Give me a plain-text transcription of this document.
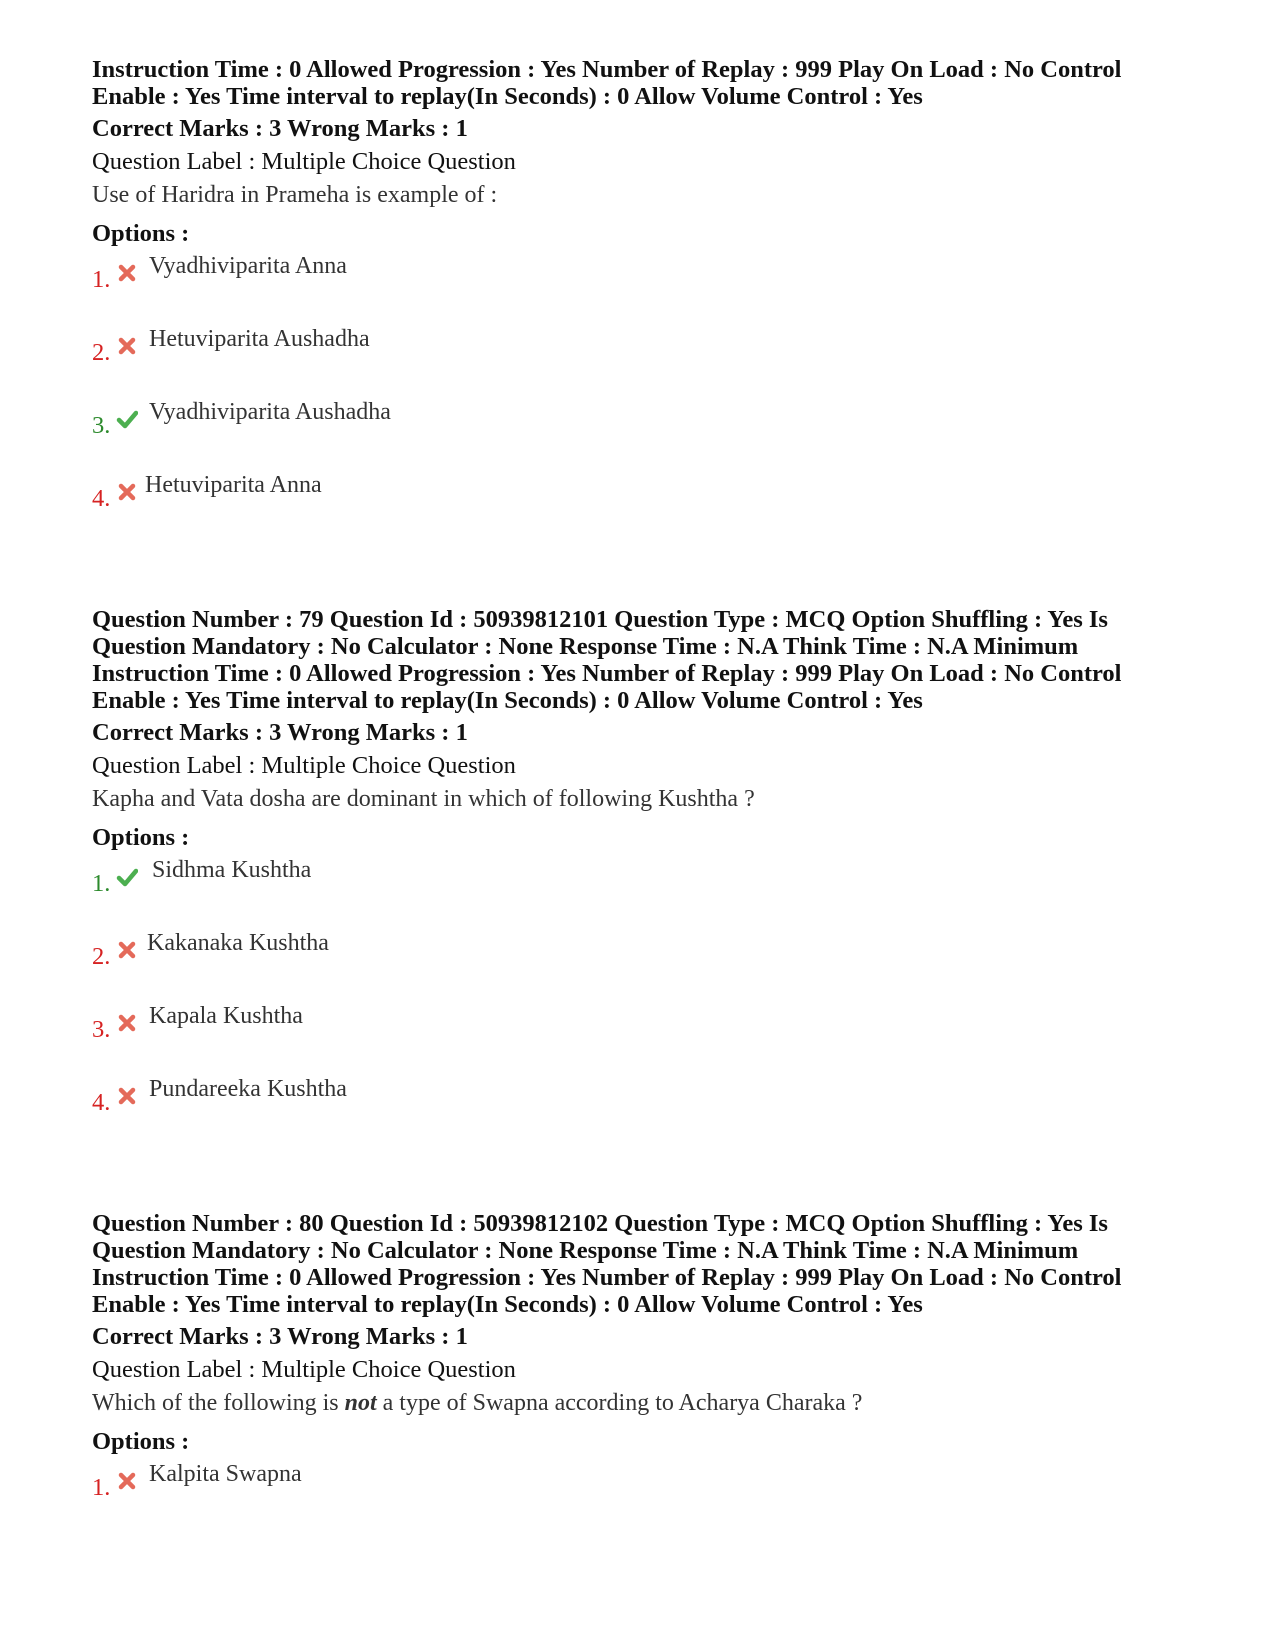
Instruction Time : 0 Allowed Progression : Yes Number of Replay : 999 Play On Load : No Control

Enable : Yes Time interval to replay(In Seconds) : 0 Allow Volume Control : Yes

Correct Marks : 3 Wrong Marks : 1
Question Label : Multiple Choice Question
Use of Haridra in Prameha is example of :
Options :
1. Vyadhiviparita Anna
2. Hetuviparita Aushadha
3. Vyadhiviparita Aushadha
4. Hetuviparita Anna

Question Number : 79 Question Id : 50939812101 Question Type : MCQ Option Shuffling : Yes Is

Question Mandatory : No Calculator : None Response Time : N.A Think Time : N.A Minimum

Instruction Time : 0 Allowed Progression : Yes Number of Replay : 999 Play On Load : No Control

Enable : Yes Time interval to replay(In Seconds) : 0 Allow Volume Control : Yes

Correct Marks : 3 Wrong Marks : 1
Question Label : Multiple Choice Question
Kapha and Vata dosha are dominant in which of following Kushtha ?
Options :
1. Sidhma Kushtha
2. Kakanaka Kushtha
3. Kapala Kushtha
4. Pundareeka Kushtha

Question Number : 80 Question Id : 50939812102 Question Type : MCQ Option Shuffling : Yes Is

Question Mandatory : No Calculator : None Response Time : N.A Think Time : N.A Minimum

Instruction Time : 0 Allowed Progression : Yes Number of Replay : 999 Play On Load : No Control

Enable : Yes Time interval to replay(In Seconds) : 0 Allow Volume Control : Yes

Correct Marks : 3 Wrong Marks : 1
Question Label : Multiple Choice Question
Which of the following is not a type of Swapna according to Acharya Charaka ?
Options :
1. Kalpita Swapna
